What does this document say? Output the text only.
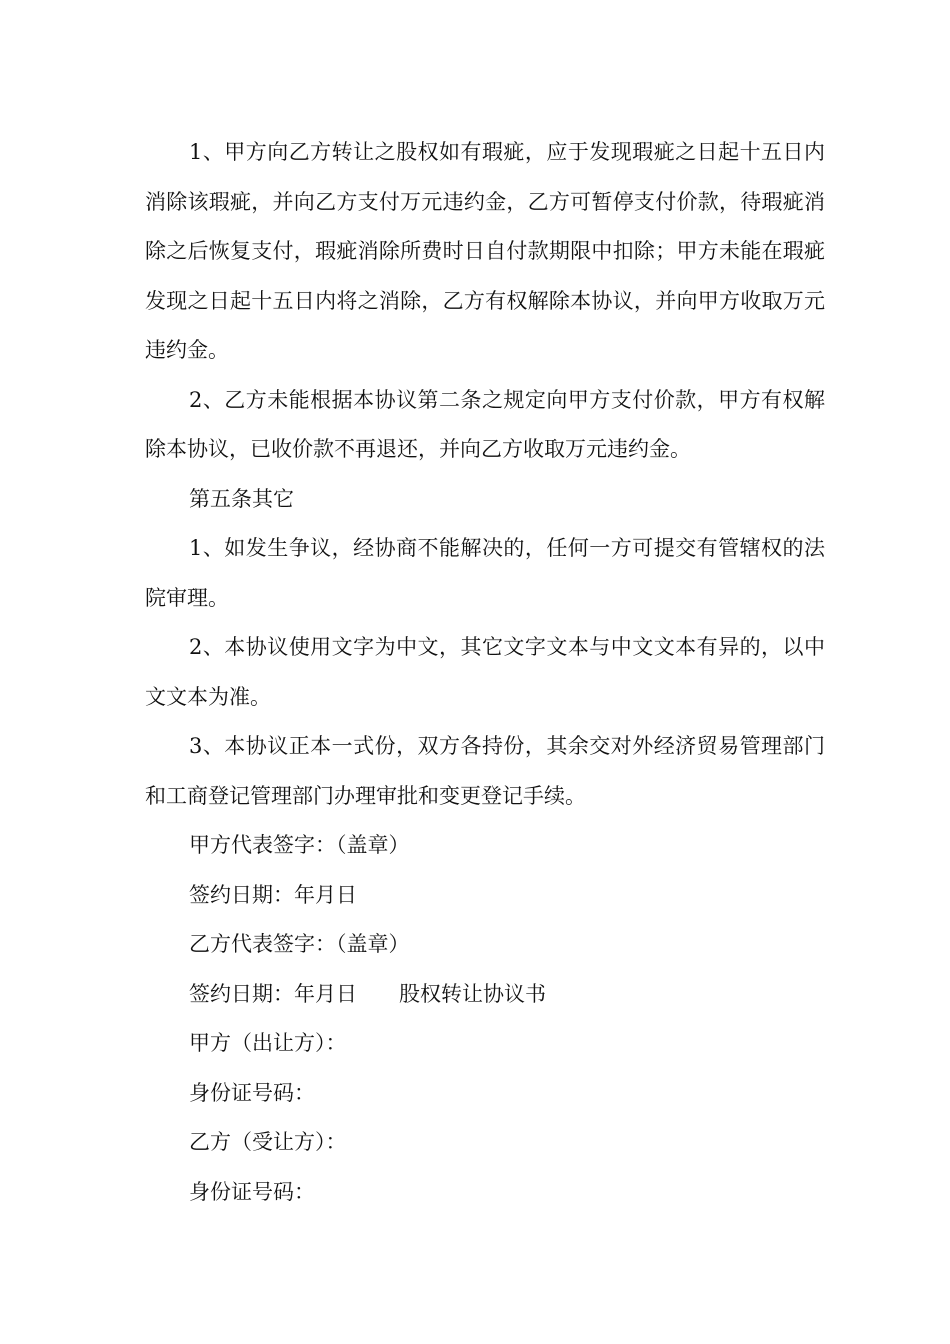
1、甲方向乙方转让之股权如有瑕疵，应于发现瑕疵之日起十五日内消除该瑕疵，并向乙方支付万元违约金，乙方可暂停支付价款，待瑕疵消除之后恢复支付，瑕疵消除所费时日自付款期限中扣除；甲方未能在瑕疵发现之日起十五日内将之消除，乙方有权解除本协议，并向甲方收取万元违约金。

2、乙方未能根据本协议第二条之规定向甲方支付价款，甲方有权解除本协议，已收价款不再退还，并向乙方收取万元违约金。

第五条其它

1、如发生争议，经协商不能解决的，任何一方可提交有管辖权的法院审理。

2、本协议使用文字为中文，其它文字文本与中文文本有异的，以中文文本为准。

3、本协议正本一式份，双方各持份，其余交对外经济贸易管理部门和工商登记管理部门办理审批和变更登记手续。

甲方代表签字：（盖章）

签约日期：年月日

乙方代表签字：（盖章）

签约日期：年月日 股权转让协议书

甲方（出让方）：

身份证号码：

乙方（受让方）：

身份证号码：
